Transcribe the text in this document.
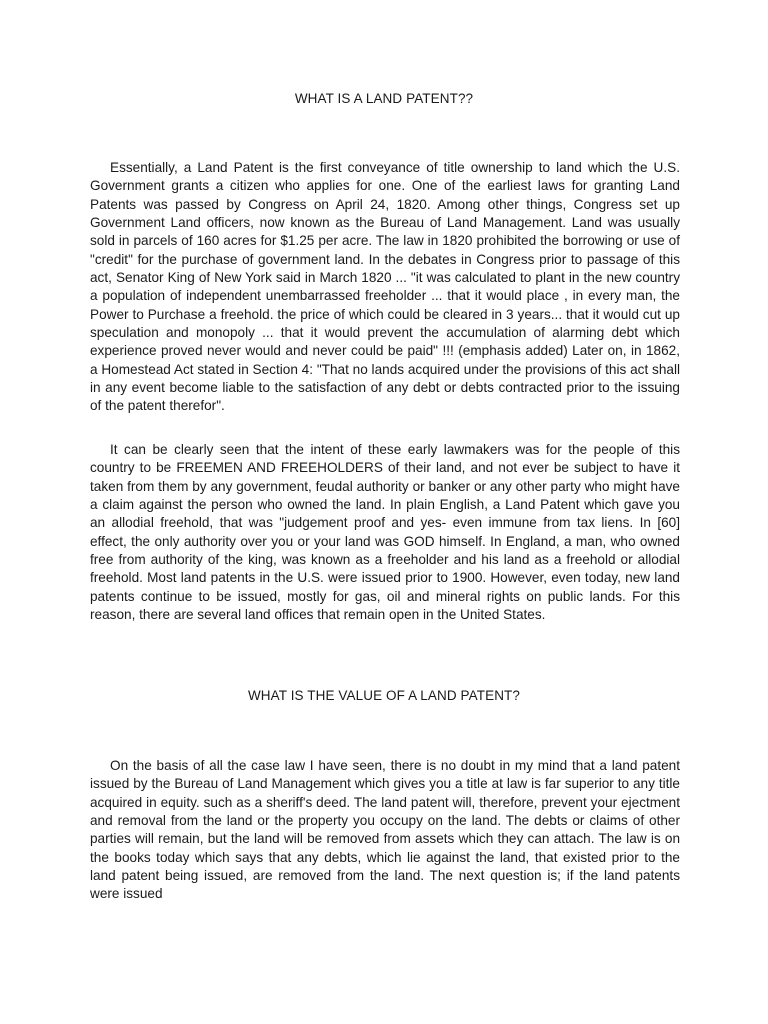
WHAT IS A LAND PATENT??

Essentially, a Land Patent is the first conveyance of title ownership to land which the U.S. Government grants a citizen who applies for one. One of the earliest laws for granting Land Patents was passed by Congress on April 24, 1820. Among other things, Congress set up Government Land officers, now known as the Bureau of Land Management. Land was usually sold in parcels of 160 acres for $1.25 per acre. The law in 1820 prohibited the borrowing or use of "credit" for the purchase of government land. In the debates in Congress prior to passage of this act, Senator King of New York said in March 1820 ... "it was calculated to plant in the new country a population of independent unembarrassed freeholder ... that it would place , in every man, the Power to Purchase a freehold. the price of which could be cleared in 3 years... that it would cut up speculation and monopoly ... that it would prevent the accumulation of alarming debt which experience proved never would and never could be paid" !!! (emphasis added) Later on, in 1862, a Homestead Act stated in Section 4: "That no lands acquired under the provisions of this act shall in any event become liable to the satisfaction of any debt or debts contracted prior to the issuing of the patent therefor".

It can be clearly seen that the intent of these early lawmakers was for the people of this country to be FREEMEN AND FREEHOLDERS of their land, and not ever be subject to have it taken from them by any government, feudal authority or banker or any other party who might have a claim against the person who owned the land. In plain English, a Land Patent which gave you an allodial freehold, that was "judgement proof and yes- even immune from tax liens. In [60] effect, the only authority over you or your land was GOD himself. In England, a man, who owned free from authority of the king, was known as a freeholder and his land as a freehold or allodial freehold. Most land patents in the U.S. were issued prior to 1900. However, even today, new land patents continue to be issued, mostly for gas, oil and mineral rights on public lands. For this reason, there are several land offices that remain open in the United States.

WHAT IS THE VALUE OF A LAND PATENT?

On the basis of all the case law I have seen, there is no doubt in my mind that a land patent issued by the Bureau of Land Management which gives you a title at law is far superior to any title acquired in equity. such as a sheriff's deed. The land patent will, therefore, prevent your ejectment and removal from the land or the property you occupy on the land. The debts or claims of other parties will remain, but the land will be removed from assets which they can attach. The law is on the books today which says that any debts, which lie against the land, that existed prior to the land patent being issued, are removed from the land. The next question is; if the land patents were issued
